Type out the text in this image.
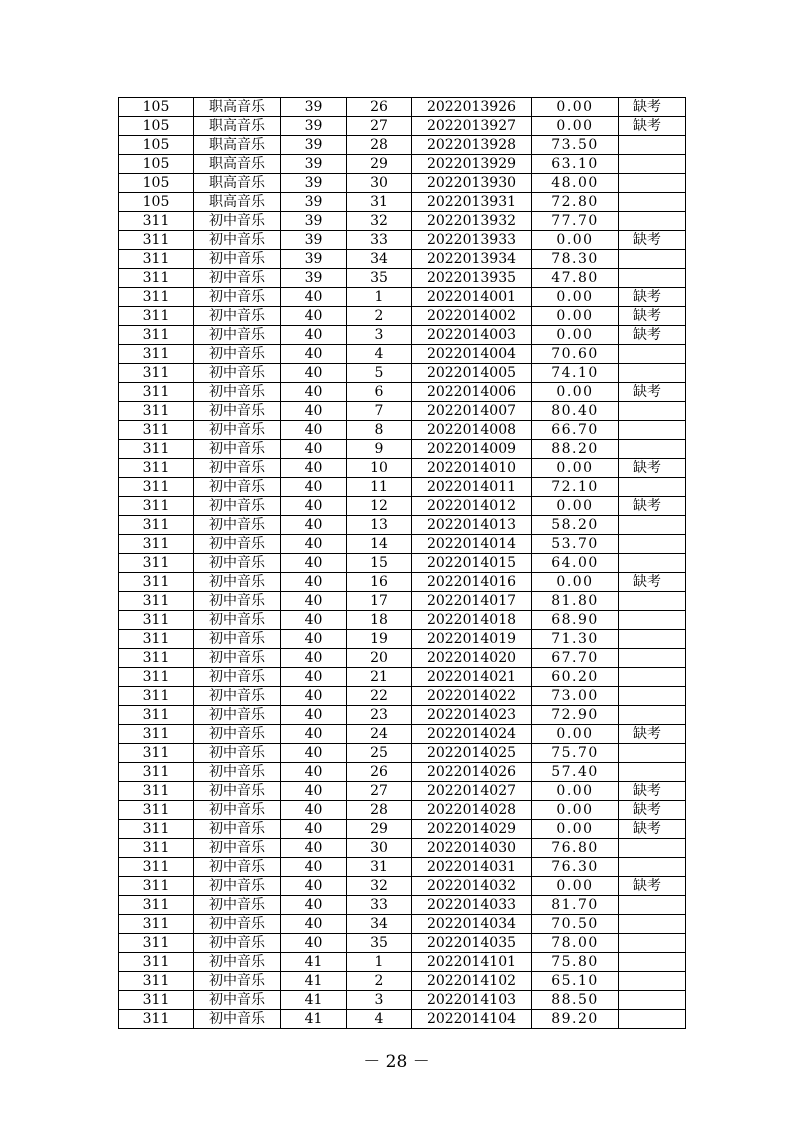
105	职高音乐	39	26	2022013926	0.00	缺考
105	职高音乐	39	27	2022013927	0.00	缺考
105	职高音乐	39	28	2022013928	73.50	
105	职高音乐	39	29	2022013929	63.10	
105	职高音乐	39	30	2022013930	48.00	
105	职高音乐	39	31	2022013931	72.80	
311	初中音乐	39	32	2022013932	77.70	
311	初中音乐	39	33	2022013933	0.00	缺考
311	初中音乐	39	34	2022013934	78.30	
311	初中音乐	39	35	2022013935	47.80	
311	初中音乐	40	1	2022014001	0.00	缺考
311	初中音乐	40	2	2022014002	0.00	缺考
311	初中音乐	40	3	2022014003	0.00	缺考
311	初中音乐	40	4	2022014004	70.60	
311	初中音乐	40	5	2022014005	74.10	
311	初中音乐	40	6	2022014006	0.00	缺考
311	初中音乐	40	7	2022014007	80.40	
311	初中音乐	40	8	2022014008	66.70	
311	初中音乐	40	9	2022014009	88.20	
311	初中音乐	40	10	2022014010	0.00	缺考
311	初中音乐	40	11	2022014011	72.10	
311	初中音乐	40	12	2022014012	0.00	缺考
311	初中音乐	40	13	2022014013	58.20	
311	初中音乐	40	14	2022014014	53.70	
311	初中音乐	40	15	2022014015	64.00	
311	初中音乐	40	16	2022014016	0.00	缺考
311	初中音乐	40	17	2022014017	81.80	
311	初中音乐	40	18	2022014018	68.90	
311	初中音乐	40	19	2022014019	71.30	
311	初中音乐	40	20	2022014020	67.70	
311	初中音乐	40	21	2022014021	60.20	
311	初中音乐	40	22	2022014022	73.00	
311	初中音乐	40	23	2022014023	72.90	
311	初中音乐	40	24	2022014024	0.00	缺考
311	初中音乐	40	25	2022014025	75.70	
311	初中音乐	40	26	2022014026	57.40	
311	初中音乐	40	27	2022014027	0.00	缺考
311	初中音乐	40	28	2022014028	0.00	缺考
311	初中音乐	40	29	2022014029	0.00	缺考
311	初中音乐	40	30	2022014030	76.80	
311	初中音乐	40	31	2022014031	76.30	
311	初中音乐	40	32	2022014032	0.00	缺考
311	初中音乐	40	33	2022014033	81.70	
311	初中音乐	40	34	2022014034	70.50	
311	初中音乐	40	35	2022014035	78.00	
311	初中音乐	41	1	2022014101	75.80	
311	初中音乐	41	2	2022014102	65.10	
311	初中音乐	41	3	2022014103	88.50	
311	初中音乐	41	4	2022014104	89.20	
－ 28 －
